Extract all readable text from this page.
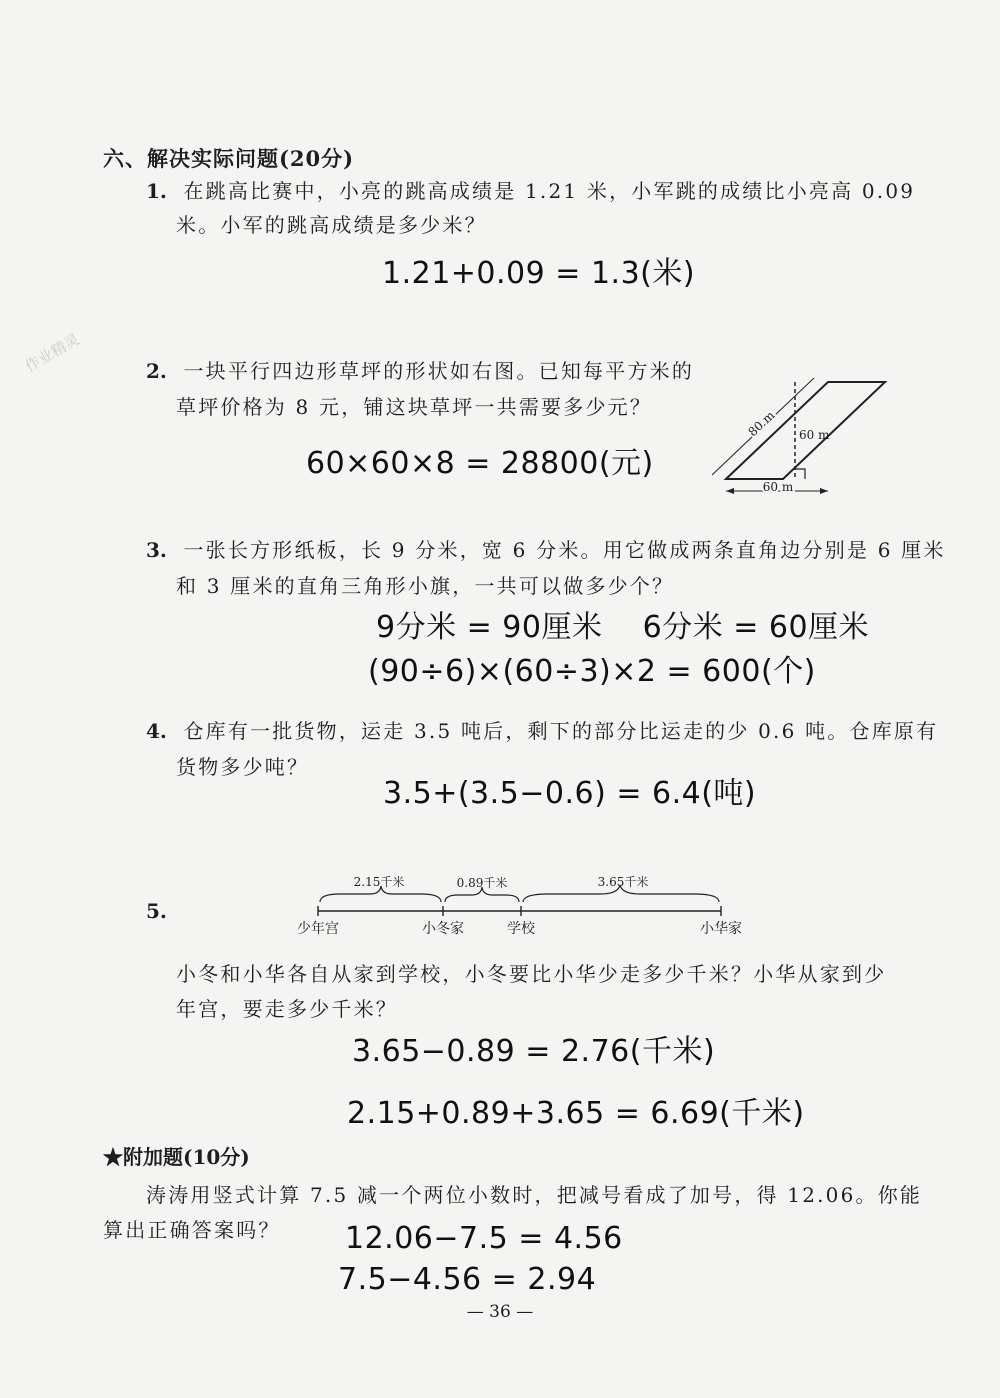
六、解决实际问题(20分)
1. 在跳高比赛中，小亮的跳高成绩是 1.21 米，小军跳的成绩比小亮高 0.09
米。小军的跳高成绩是多少米？
1.21+0.09 = 1.3(米)
作业精灵	2. 一块平行四边形草坪的形状如右图。已知每平方米的
草坪价格为 8 元，铺这块草坪一共需要多少元？
60×60×8 = 28800(元)
60 m
60 m
80 m
3. 一张长方形纸板，长 9 分米，宽 6 分米。用它做成两条直角边分别是 6 厘米
和 3 厘米的直角三角形小旗，一共可以做多少个？
9分米 = 90厘米    6分米 = 60厘米
(90÷6)×(60÷3)×2 = 600(个)
4. 仓库有一批货物，运走 3.5 吨后，剩下的部分比运走的少 0.6 吨。仓库原有
货物多少吨？
3.5+(3.5−0.6) = 6.4(吨)
5.
2.15千米	0.89千米	3.65千米
少年宫	小冬家	学校	小华家
小冬和小华各自从家到学校，小冬要比小华少走多少千米？小华从家到少
年宫，要走多少千米？
3.65−0.89 = 2.76(千米)
2.15+0.89+3.65 = 6.69(千米)
★附加题(10分)
涛涛用竖式计算 7.5 减一个两位小数时，把减号看成了加号，得 12.06。你能
算出正确答案吗？ 12.06−7.5 = 4.56
7.5−4.56 = 2.94
— 36 —
